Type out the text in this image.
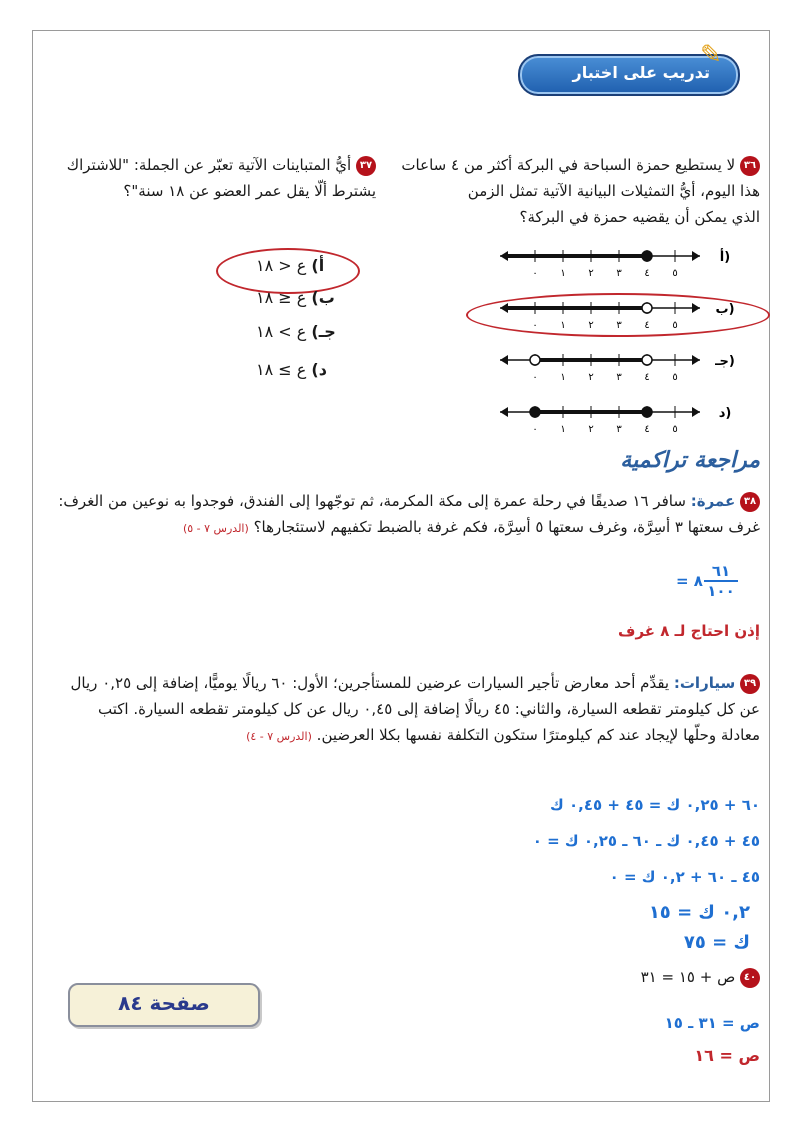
تدريب على اختبار
✎
٣٦ لا يستطيع حمزة السباحة في البركة أكثر من ٤ ساعات
هذا اليوم، أيُّ التمثيلات البيانية الآتية تمثل الزمن
الذي يمكن أن يقضيه حمزة في البركة؟
٠ ١ ٢ ٣ ٤ ٥
أ)
٠ ١ ٢ ٣ ٤ ٥
ب)
٠ ١ ٢ ٣ ٤ ٥
جـ)
٠ ١ ٢ ٣ ٤ ٥
د)
٣٧ أيُّ المتباينات الآتية تعبّر عن الجملة: "للاشتراك
يشترط ألّا يقل عمر العضو عن ١٨ سنة"؟
أ) ع < ١٨
ب) ع ≤ ١٨
جـ) ع > ١٨
د) ع ≥ ١٨
مراجعة تراكمية
٣٨ عمرة: سافر ١٦ صديقًا في رحلة عمرة إلى مكة المكرمة، ثم توجّهوا إلى الفندق، فوجدوا به نوعين من الغرف:
غرف سعتها ٣ أسِرَّة، وغرف سعتها ٥ أسِرَّة، فكم غرفة بالضبط تكفيهم لاستئجارها؟ (الدرس ٧ - ٥)
٦١
١٠٠
٨ =
إذن احتاج لـ ٨ غرف
٣٩ سيارات: يقدِّم أحد معارض تأجير السيارات عرضين للمستأجرين؛ الأول: ٦٠ ريالًا يوميًّا، إضافة إلى ٠,٢٥ ريال
عن كل كيلومتر تقطعه السيارة، والثاني: ٤٥ ريالًا إضافة إلى ٠,٤٥ ريال عن كل كيلومتر تقطعه السيارة. اكتب
معادلة وحلّها لإيجاد عند كم كيلومترًا ستكون التكلفة نفسها بكلا العرضين. (الدرس ٧ - ٤)
٦٠ + ٠,٢٥ ك = ٤٥ + ٠,٤٥ ك
٤٥ + ٠,٤٥ ك ـ ٦٠ ـ ٠,٢٥ ك = ٠
٤٥ ـ ٦٠ + ٠,٢ ك = ٠
٠,٢ ك = ١٥
ك = ٧٥
٤٠ ص + ١٥ = ٣١
ص = ٣١ ـ ١٥
ص = ١٦
صفحة ٨٤
